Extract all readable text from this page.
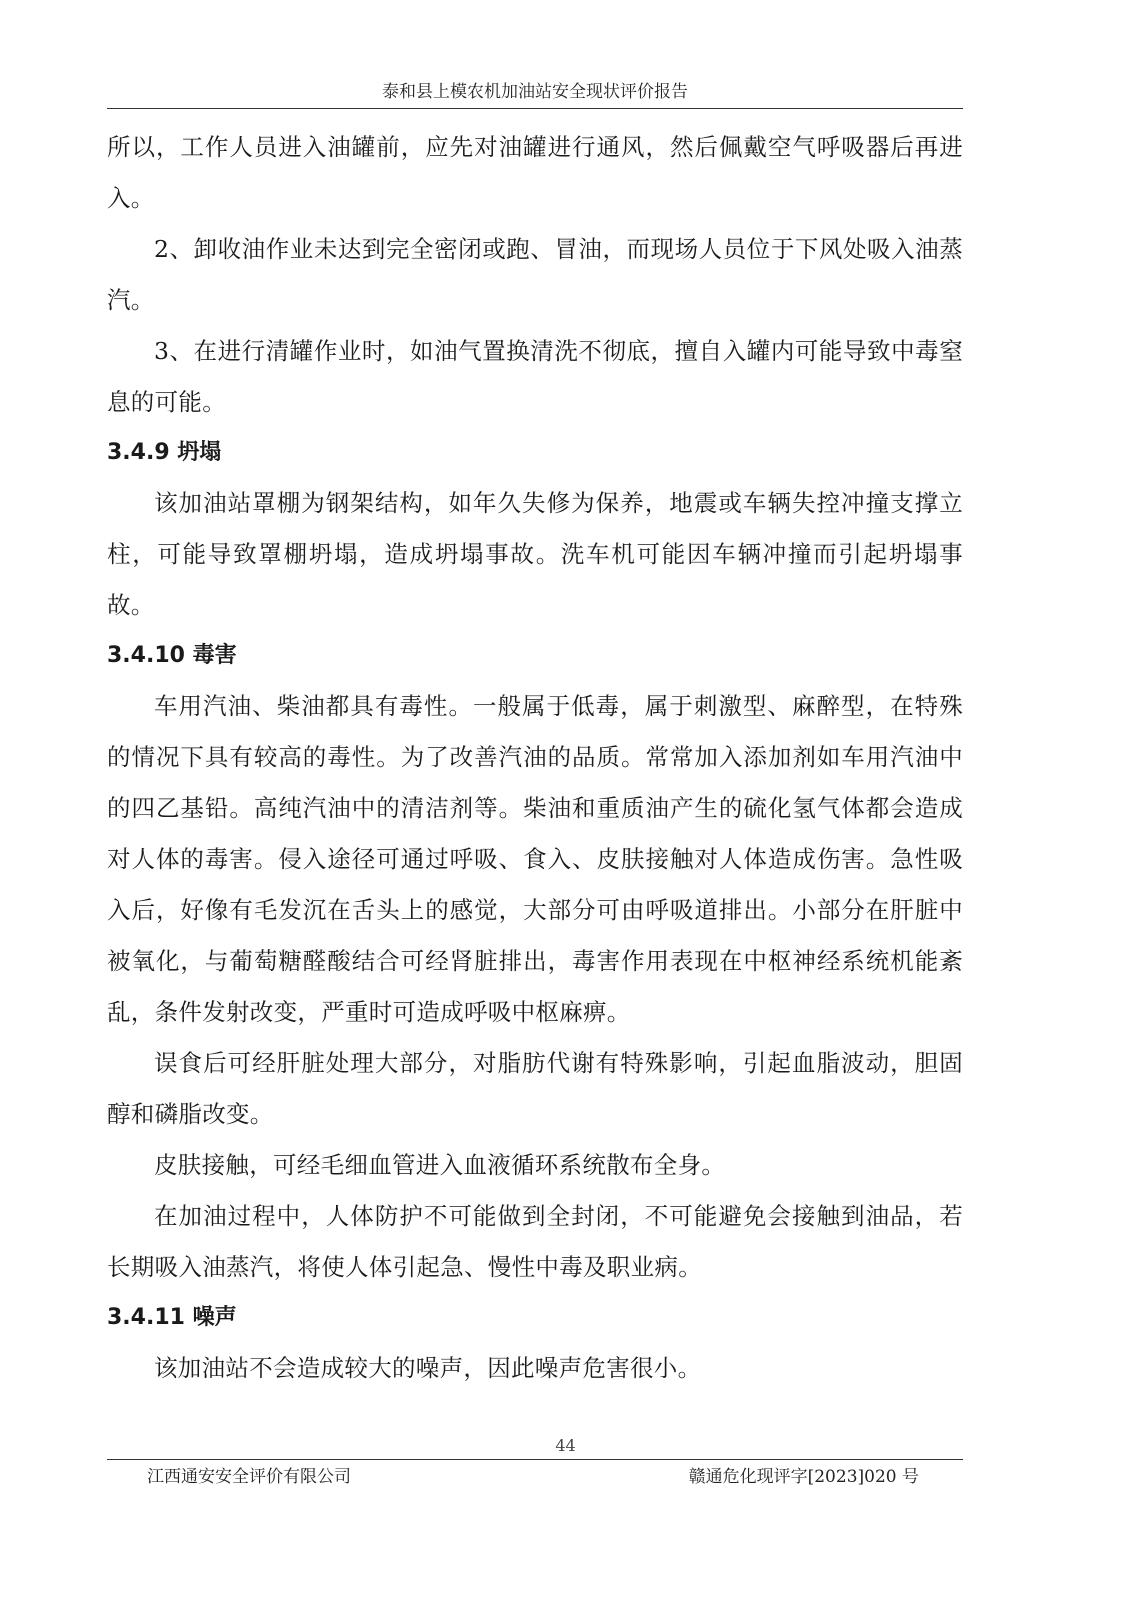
泰和县上模农机加油站安全现状评价报告

所以，工作人员进入油罐前，应先对油罐进行通风，然后佩戴空气呼吸器后再进入。

2、卸收油作业未达到完全密闭或跑、冒油，而现场人员位于下风处吸入油蒸汽。

3、在进行清罐作业时，如油气置换清洗不彻底，擅自入罐内可能导致中毒窒息的可能。

3.4.9 坍塌

该加油站罩棚为钢架结构，如年久失修为保养，地震或车辆失控冲撞支撑立柱，可能导致罩棚坍塌，造成坍塌事故。洗车机可能因车辆冲撞而引起坍塌事故。

3.4.10 毒害

车用汽油、柴油都具有毒性。一般属于低毒，属于刺激型、麻醉型，在特殊的情况下具有较高的毒性。为了改善汽油的品质。常常加入添加剂如车用汽油中的四乙基铅。高纯汽油中的清洁剂等。柴油和重质油产生的硫化氢气体都会造成对人体的毒害。侵入途径可通过呼吸、食入、皮肤接触对人体造成伤害。急性吸入后，好像有毛发沉在舌头上的感觉，大部分可由呼吸道排出。小部分在肝脏中被氧化，与葡萄糖醛酸结合可经肾脏排出，毒害作用表现在中枢神经系统机能紊乱，条件发射改变，严重时可造成呼吸中枢麻痹。

误食后可经肝脏处理大部分，对脂肪代谢有特殊影响，引起血脂波动，胆固醇和磷脂改变。

皮肤接触，可经毛细血管进入血液循环系统散布全身。

在加油过程中，人体防护不可能做到全封闭，不可能避免会接触到油品，若长期吸入油蒸汽，将使人体引起急、慢性中毒及职业病。

3.4.11 噪声

该加油站不会造成较大的噪声，因此噪声危害很小。

44
江西通安安全评价有限公司	赣通危化现评字[2023]020 号
